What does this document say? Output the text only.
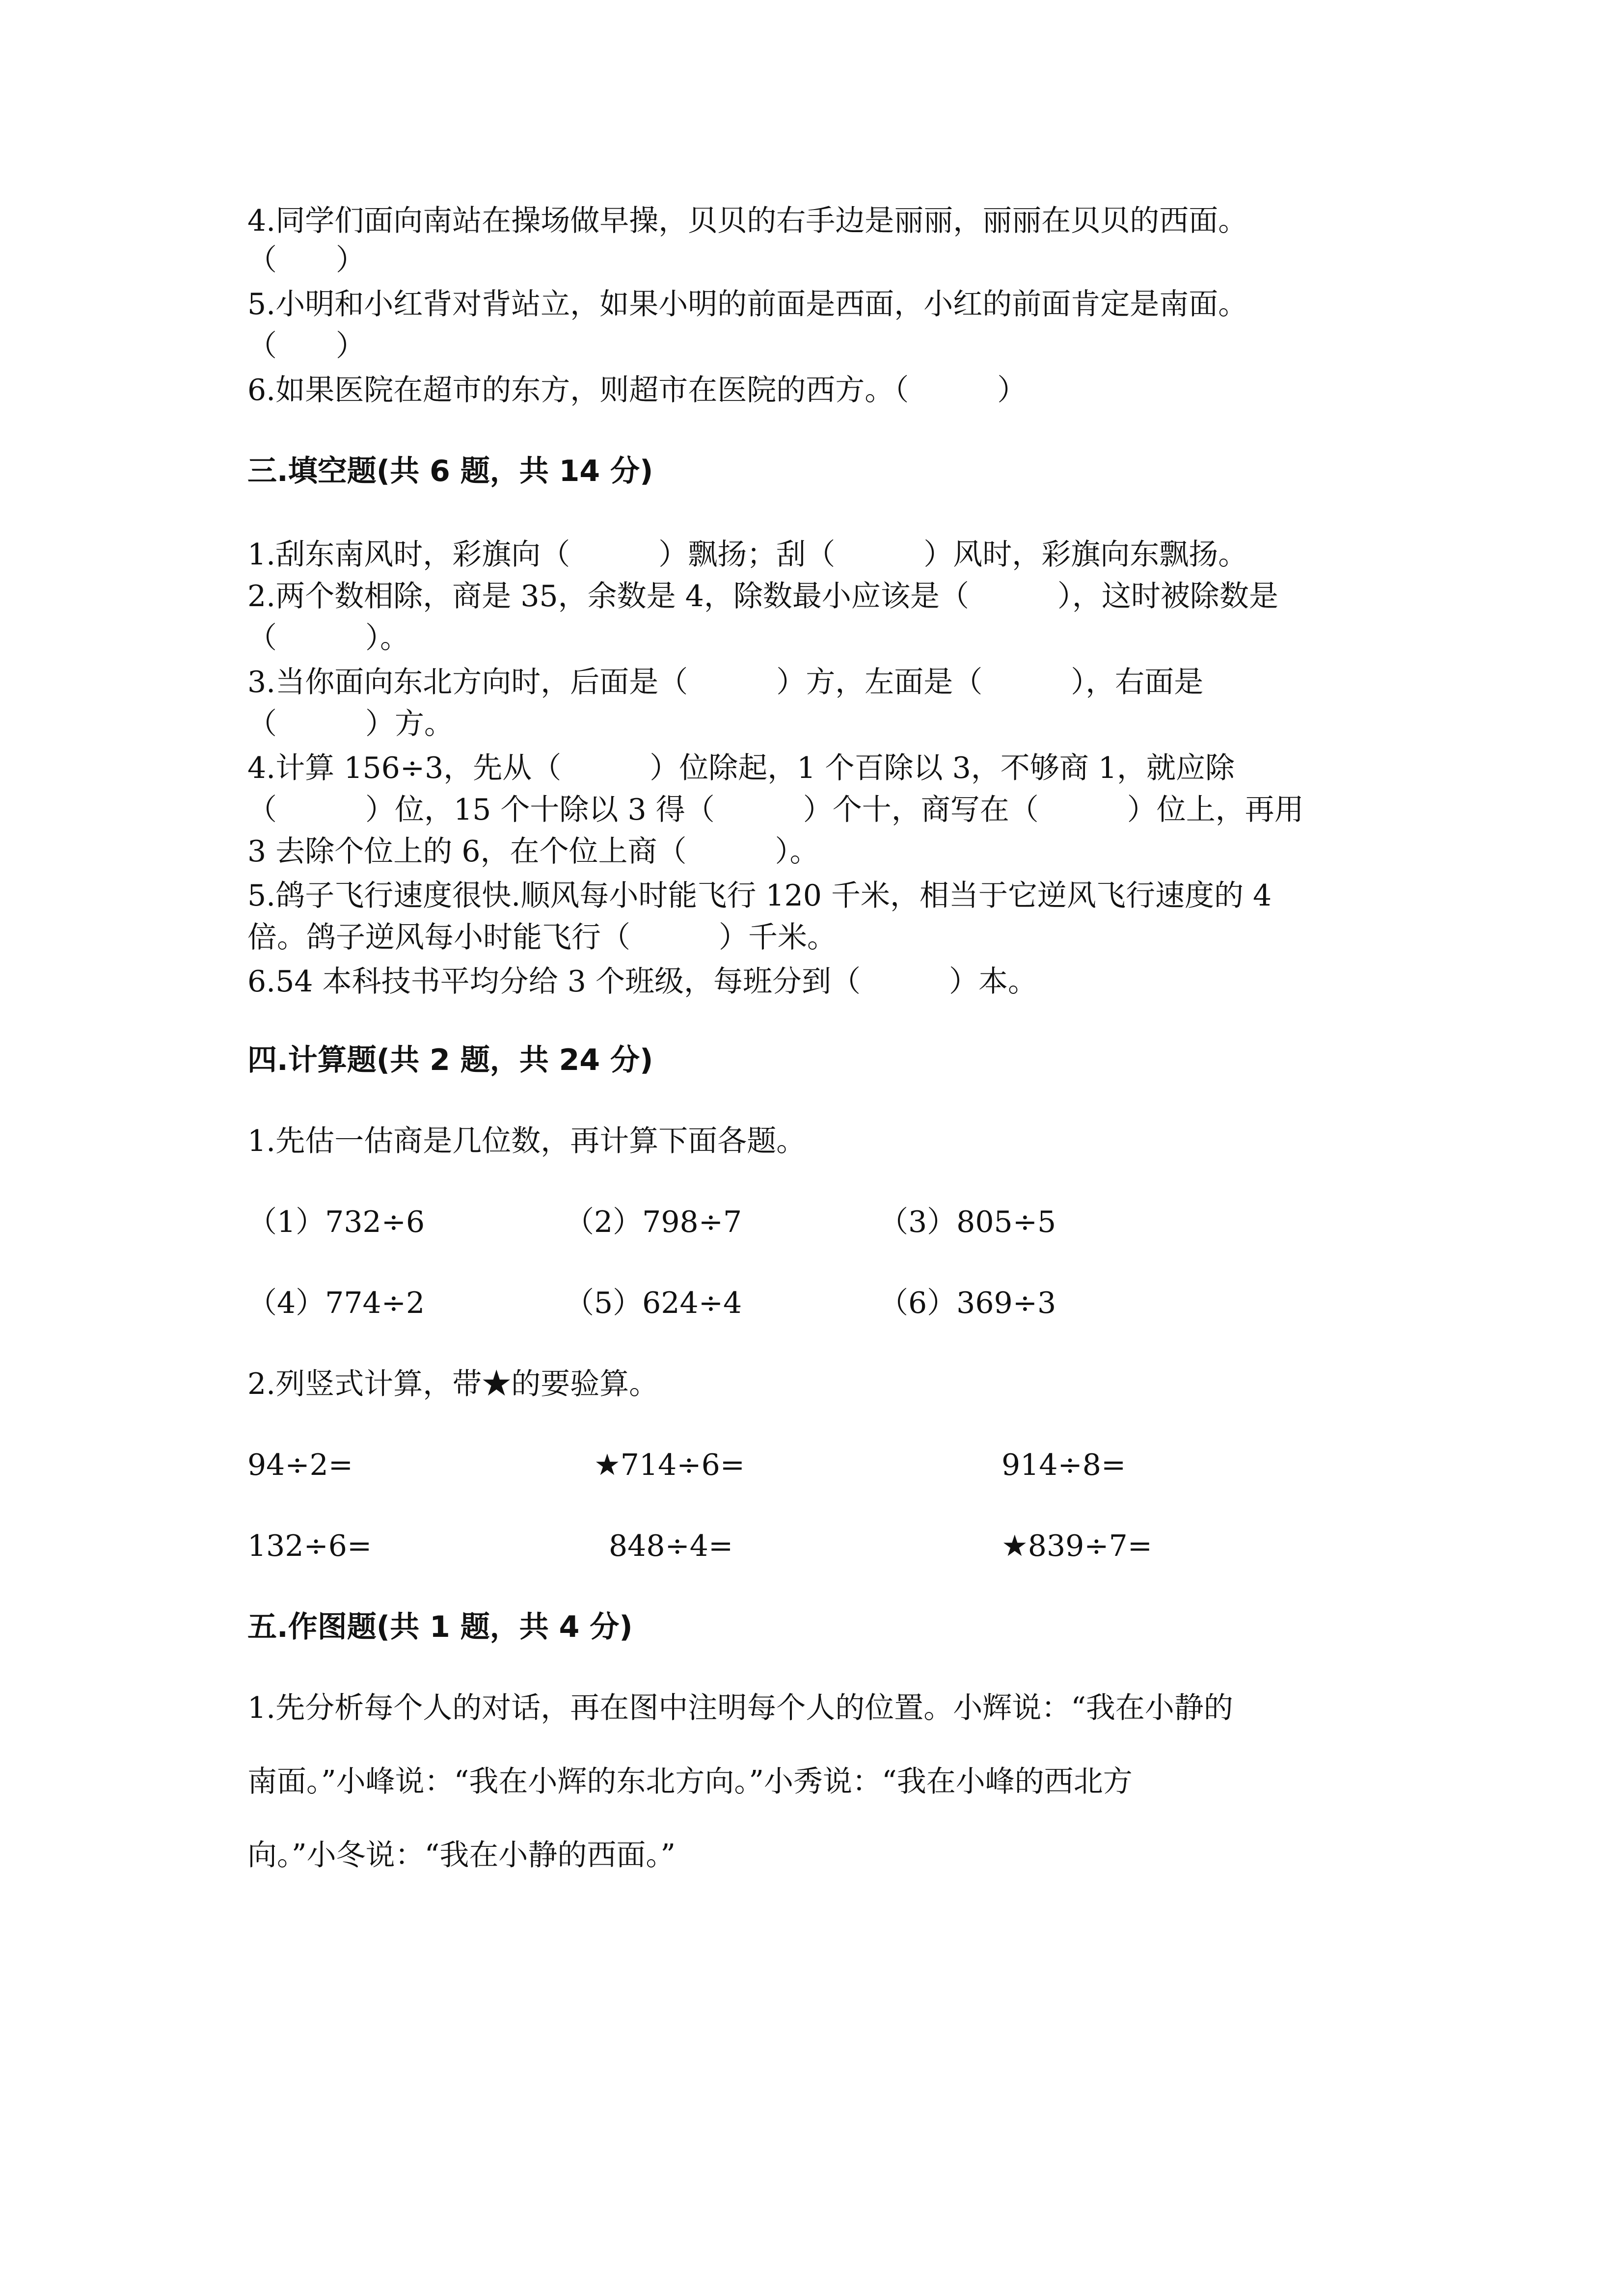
4.同学们面向南站在操场做早操，贝贝的右手边是丽丽，丽丽在贝贝的西面。
（　　）
5.小明和小红背对背站立，如果小明的前面是西面，小红的前面肯定是南面。
（　　）
6.如果医院在超市的东方，则超市在医院的西方。（　　　）
三.填空题(共 6 题，共 14 分)
1.刮东南风时，彩旗向（　　　）飘扬；刮（　　　）风时，彩旗向东飘扬。
2.两个数相除，商是 35，余数是 4，除数最小应该是（　　　），这时被除数是
（　　　）。
3.当你面向东北方向时，后面是（　　　）方，左面是（　　　），右面是
（　　　）方。
4.计算 156÷3，先从（　　　）位除起，1 个百除以 3，不够商 1，就应除
（　　　）位，15 个十除以 3 得（　　　）个十，商写在（　　　）位上，再用
3 去除个位上的 6，在个位上商（　　　）。
5.鸽子飞行速度很快.顺风每小时能飞行 120 千米，相当于它逆风飞行速度的 4
倍。鸽子逆风每小时能飞行（　　　）千米。
6.54 本科技书平均分给 3 个班级，每班分到（　　　）本。
四.计算题(共 2 题，共 24 分)
1.先估一估商是几位数，再计算下面各题。
（1）732÷6	（2）798÷7	（3）805÷5
（4）774÷2	（5）624÷4	（6）369÷3
2.列竖式计算，带★的要验算。
94÷2=	★714÷6=	914÷8=
132÷6=	848÷4=	★839÷7=
五.作图题(共 1 题，共 4 分)
1.先分析每个人的对话，再在图中注明每个人的位置。小辉说：“我在小静的
南面。”小峰说：“我在小辉的东北方向。”小秀说：“我在小峰的西北方
向。”小冬说：“我在小静的西面。”
